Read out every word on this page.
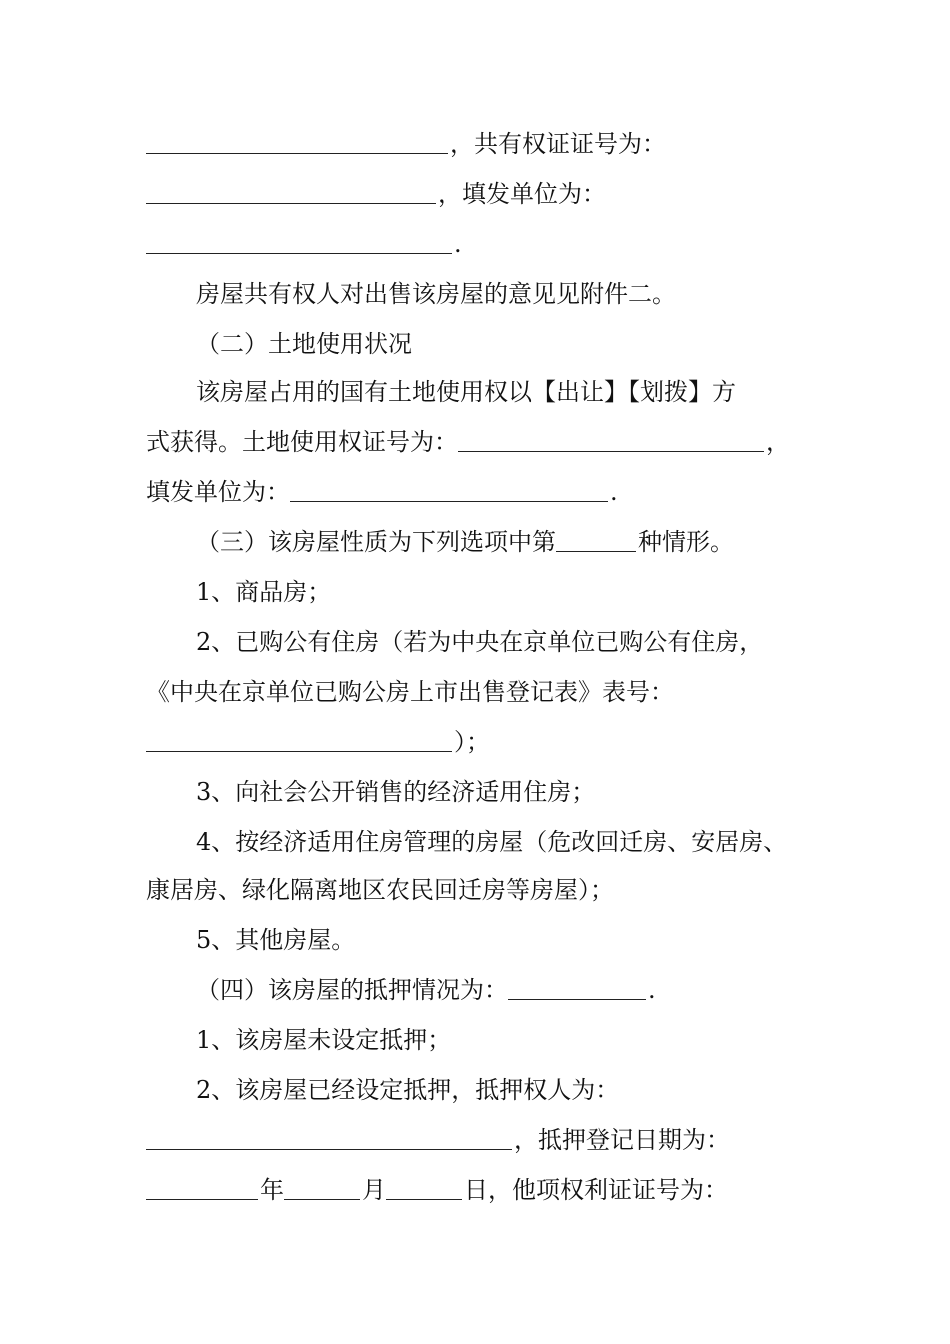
，共有权证证号为：
，填发单位为：
.
房屋共有权人对出售该房屋的意见见附件二。
（二）土地使用状况
该房屋占用的国有土地使用权以【出让】【划拨】方
式获得。土地使用权证号为：	，
填发单位为：	.
（三）该房屋性质为下列选项中第	种情形。
1、商品房；
2、已购公有住房（若为中央在京单位已购公有住房，
《中央在京单位已购公房上市出售登记表》表号：
）；
3、向社会公开销售的经济适用住房；
4、按经济适用住房管理的房屋（危改回迁房、安居房、
康居房、绿化隔离地区农民回迁房等房屋）；
5、其他房屋。
（四）该房屋的抵押情况为：	.
1、该房屋未设定抵押；
2、该房屋已经设定抵押，抵押权人为：
，抵押登记日期为：
年	月	日，他项权利证证号为：
